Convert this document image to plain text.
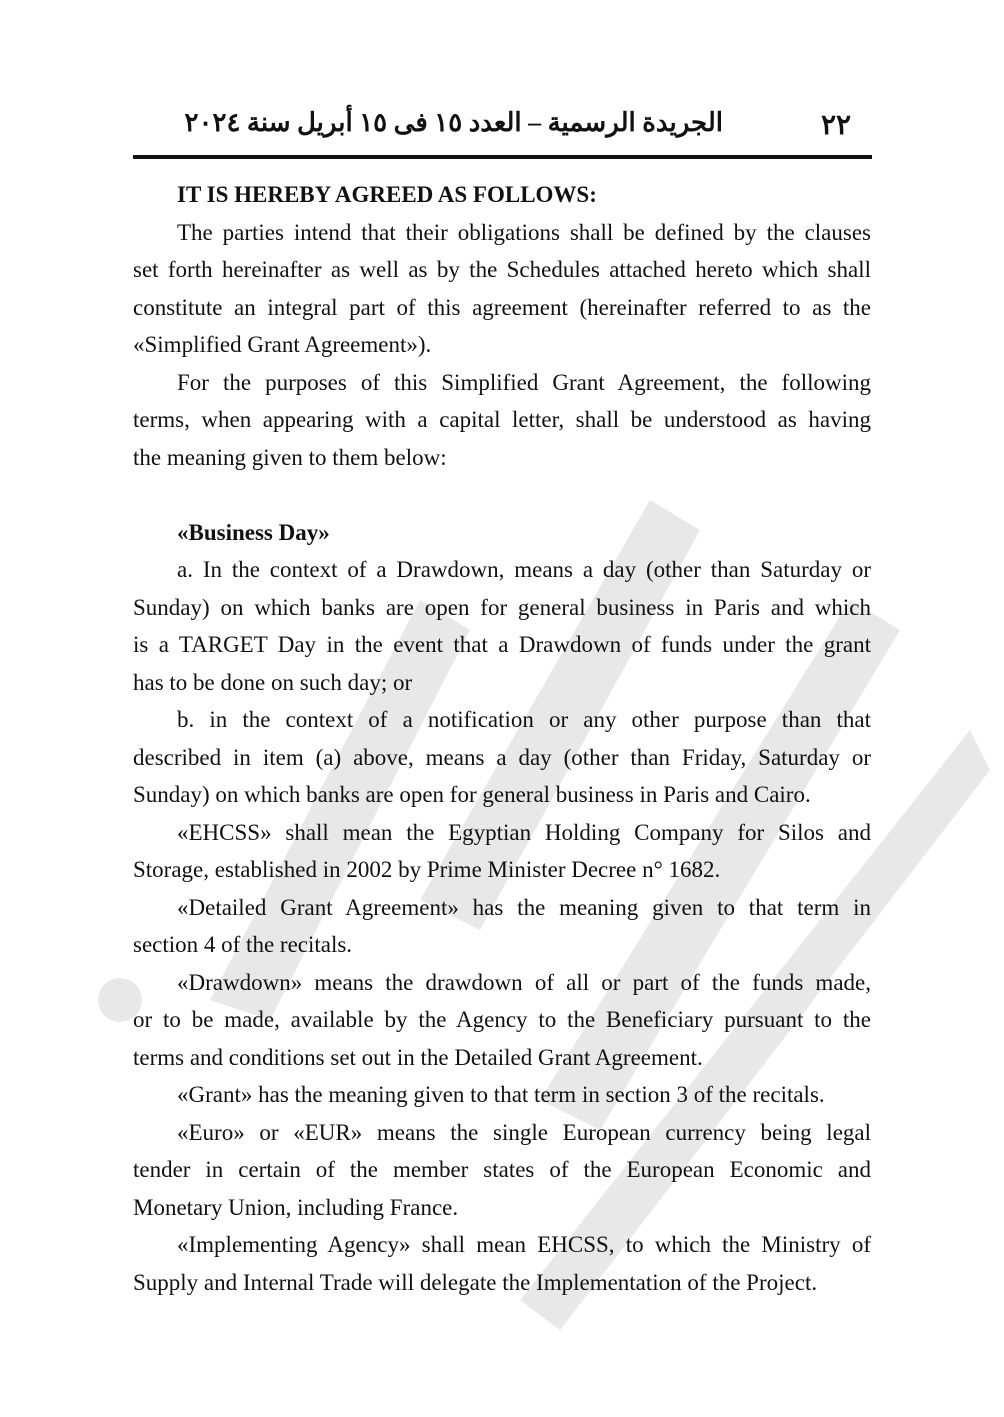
الجريدة الرسمية – العدد ١٥ فى ١٥ أبريل سنة ٢٠٢٤	٢٢
IT IS HEREBY AGREED AS FOLLOWS:
The parties intend that their obligations shall be defined by the clauses
set forth hereinafter as well as by the Schedules attached hereto which shall
constitute an integral part of this agreement (hereinafter referred to as the
«Simplified Grant Agreement»).
For the purposes of this Simplified Grant Agreement, the following
terms, when appearing with a capital letter, shall be understood as having
the meaning given to them below:
«Business Day»
a. In the context of a Drawdown, means a day (other than Saturday or
Sunday) on which banks are open for general business in Paris and which
is a TARGET Day in the event that a Drawdown of funds under the grant
has to be done on such day; or
b. in the context of a notification or any other purpose than that
described in item (a) above, means a day (other than Friday, Saturday or
Sunday) on which banks are open for general business in Paris and Cairo.
«EHCSS» shall mean the Egyptian Holding Company for Silos and
Storage, established in 2002 by Prime Minister Decree n° 1682.
«Detailed Grant Agreement» has the meaning given to that term in
section 4 of the recitals.
«Drawdown» means the drawdown of all or part of the funds made,
or to be made, available by the Agency to the Beneficiary pursuant to the
terms and conditions set out in the Detailed Grant Agreement.
«Grant» has the meaning given to that term in section 3 of the recitals.
«Euro» or «EUR» means the single European currency being legal
tender in certain of the member states of the European Economic and
Monetary Union, including France.
«Implementing Agency» shall mean EHCSS, to which the Ministry of
Supply and Internal Trade will delegate the Implementation of the Project.
